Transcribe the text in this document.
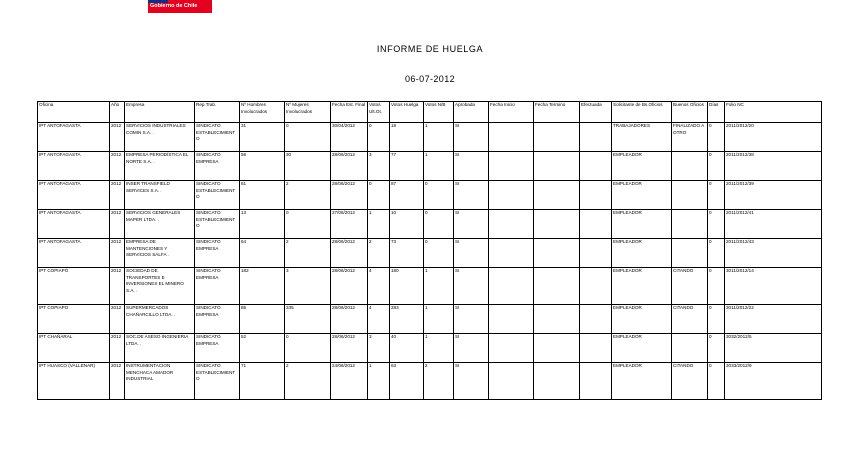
Gobierno de Chile
INFORME DE HUELGA
06-07-2012
Oficina	Año	Empresa	Rep.Trab.	Nº Hombres Involucrados	Nº Mujeres Involucrados	Fecha Est. Final	Votos Ult.Ot.	Votos Huelga	Votos N/B	Aprobada	Fecha Inicio	Fecha Termino	Efectuada	Solicitante de Bs.Oficios	Buenos Oficios	Días	Folio NC
IPT ANTOFAGASTA	2012	SERVICIOS INDUSTRIALES COMIN S.A. .	SINDICATO ESTABLECIMIENTO	31	0	30/04/2012	0	18	1	SI				TRABAJADORES	FINALIZADO A OTRO	0	2011/2012/20
IPT ANTOFAGASTA	2012	EMPRESA PERIODÍSTICA EL NORTE S.A. .	SINDICATO EMPRESA	58	30	28/06/2012	3	77	1	SI				EMPLEADOR		0	2011/2012/38
IPT ANTOFAGASTA	2012	INSER TRANSFIELD SERVICES S.A. .	SINDICATO ESTABLECIMIENTO	81	2	28/06/2012	0	87	0	SI				EMPLEADOR		0	2011/2012/39
IPT ANTOFAGASTA	2012	SERVICIOS GENERALES MAPER LTDA. .	SINDICATO ESTABLECIMIENTO	13	0	27/06/2012	1	10	0	SI				EMPLEADOR		0	2011/2012/41
IPT ANTOFAGASTA	2012	EMPRESA DE MANTENCIONES Y SERVICIOS SALFA .	SINDICATO EMPRESA	64	2	28/06/2012	2	73	0	SI				EMPLEADOR		0	2011/2012/43
IPT COPIAPO	2012	SOCIEDAD DE TRANSPORTES E INVERSIONES EL MINERO S.A. .	SINDICATO EMPRESA	182	3	28/06/2012	4	180	1	SI				EMPLEADOR	CITANDO	0	3011/2012/14
IPT COPIAPO	2012	SUPERMERCADOS CHAÑARCILLO LTDA. .	SINDICATO EMPRESA	85	335	28/06/2012	4	283	1	SI				EMPLEADOR	CITANDO	0	3011/2012/22
IPT CHAÑARAL	2012	SOC.DE ASESO INGENIERIA LTDA. .	SINDICATO EMPRESA	52	0	28/06/2012	3	40	1	SI				EMPLEADOR		0	3032/2012/5
IPT HUASCO (VALLENAR)	2012	INSTRUMENTACION MENCHACA AMADOR INDUSTRIAL	SINDICATO ESTABLECIMIENTO	71	2	24/06/2012	1	63	2	SI				EMPLEADOR	CITANDO	0	3033/2012/9
